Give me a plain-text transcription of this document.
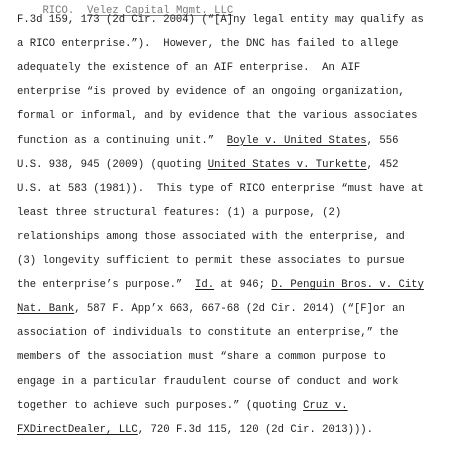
RICO. Velez Capital Mgmt. LLC

F.3d 159, 173 (2d Cir. 2004) (“[A]ny legal entity may qualify as
a RICO enterprise.”).  However, the DNC has failed to allege
adequately the existence of an AIF enterprise.  An AIF
enterprise “is proved by evidence of an ongoing organization,
formal or informal, and by evidence that the various associates
function as a continuing unit.”  Boyle v. United States, 556
U.S. 938, 945 (2009) (quoting United States v. Turkette, 452
U.S. at 583 (1981)).  This type of RICO enterprise “must have at
least three structural features: (1) a purpose, (2)
relationships among those associated with the enterprise, and
(3) longevity sufficient to permit these associates to pursue
the enterprise’s purpose.”  Id. at 946; D. Penguin Bros. v. City
Nat. Bank, 587 F. App’x 663, 667-68 (2d Cir. 2014) (“[F]or an
association of individuals to constitute an enterprise,” the
members of the association must “share a common purpose to
engage in a particular fraudulent course of conduct and work
together to achieve such purposes.” (quoting Cruz v.
FXDirectDealer, LLC, 720 F.3d 115, 120 (2d Cir. 2013))).
